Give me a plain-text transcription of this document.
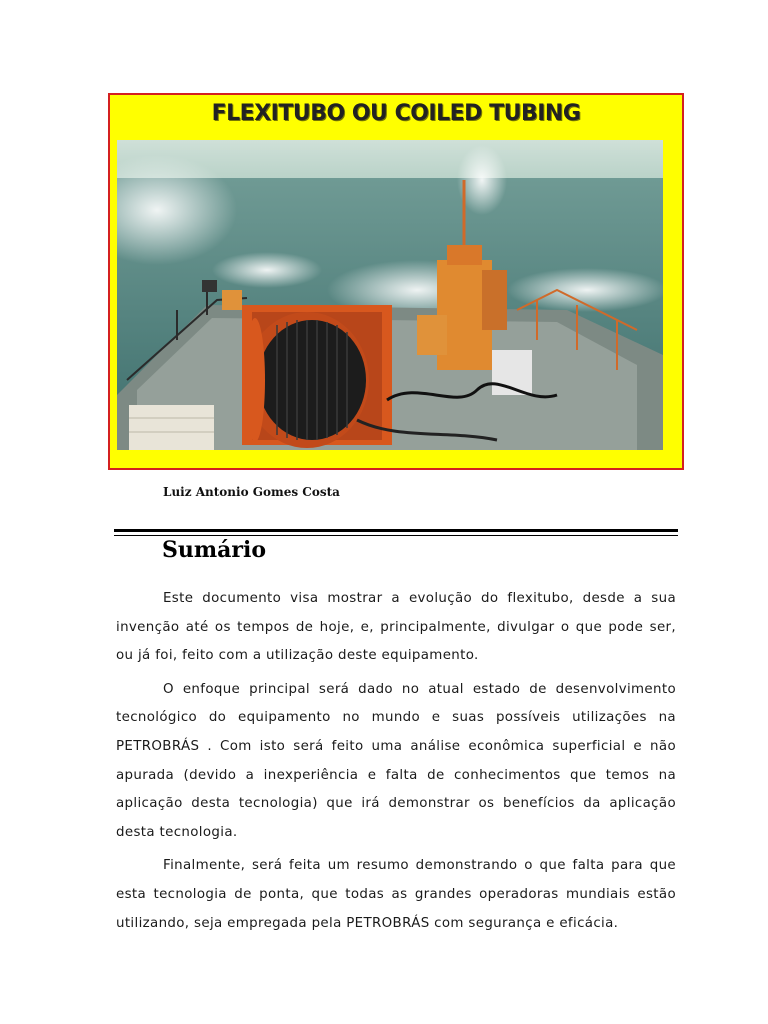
FLEXITUBO OU COILED TUBING
Luiz Antonio Gomes Costa
Sumário

Este documento visa mostrar a evolução do flexitubo, desde a sua invenção até os tempos de hoje, e, principalmente, divulgar o que pode ser, ou já foi, feito com a utilização deste equipamento.

O enfoque principal será dado no atual estado de desenvolvimento tecnológico do equipamento no mundo e suas possíveis utilizações na PETROBRÁS . Com isto será feito uma análise econômica superficial e não apurada (devido a inexperiência e falta de conhecimentos que temos na aplicação desta tecnologia) que irá demonstrar os benefícios da aplicação desta tecnologia.

Finalmente, será feita um resumo demonstrando o que falta para que esta tecnologia de ponta, que todas as grandes operadoras mundiais estão utilizando, seja empregada pela PETROBRÁS com segurança e eficácia.
